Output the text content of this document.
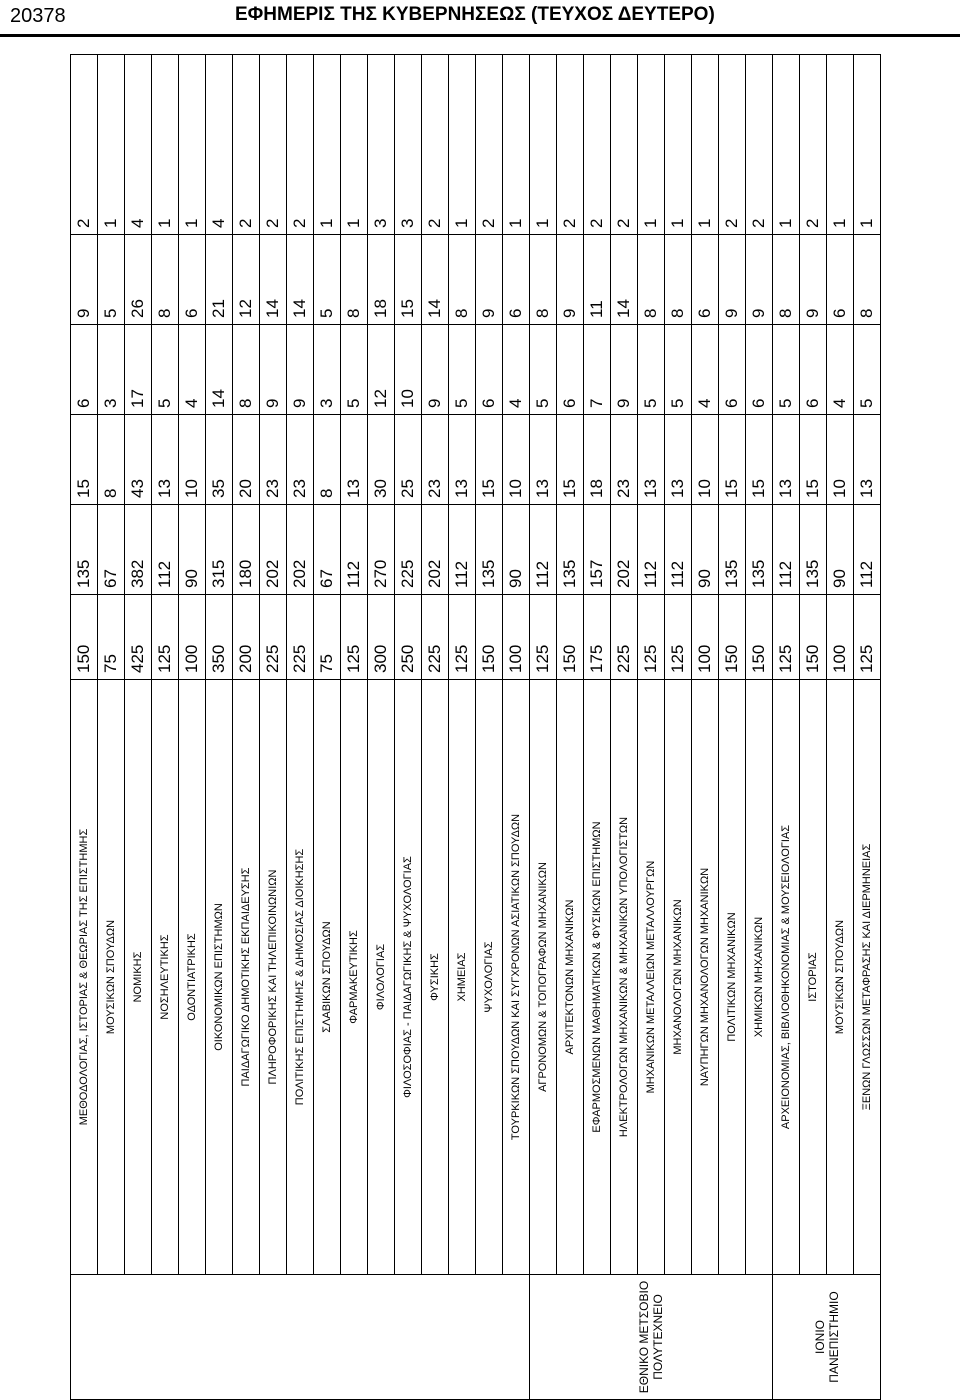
20378	ΕΦΗΜΕΡΙΣ ΤΗΣ ΚΥΒΕΡΝΗΣΕΩΣ (ΤΕΥΧΟΣ ΔΕΥΤΕΡΟ)
	ΜΕΘΟΔΟΛΟΓΙΑΣ, ΙΣΤΟΡΙΑΣ & ΘΕΩΡΙΑΣ ΤΗΣ ΕΠΙΣΤΗΜΗΣ	150	135	15	6	9	2
	ΜΟΥΣΙΚΩΝ ΣΠΟΥΔΩΝ	75	67	8	3	5	1
	ΝΟΜΙΚΗΣ	425	382	43	17	26	4
	ΝΟΣΗΛΕΥΤΙΚΗΣ	125	112	13	5	8	1
	ΟΔΟΝΤΙΑΤΡΙΚΗΣ	100	90	10	4	6	1
	ΟΙΚΟΝΟΜΙΚΩΝ ΕΠΙΣΤΗΜΩΝ	350	315	35	14	21	4
	ΠΑΙΔΑΓΩΓΙΚΟ ΔΗΜΟΤΙΚΗΣ ΕΚΠΑΙΔΕΥΣΗΣ	200	180	20	8	12	2
	ΠΛΗΡΟΦΟΡΙΚΗΣ ΚΑΙ ΤΗΛΕΠΙΚΟΙΝΩΝΙΩΝ	225	202	23	9	14	2
	ΠΟΛΙΤΙΚΗΣ ΕΠΙΣΤΗΜΗΣ & ΔΗΜΟΣΙΑΣ ΔΙΟΙΚΗΣΗΣ	225	202	23	9	14	2
	ΣΛΑΒΙΚΩΝ ΣΠΟΥΔΩΝ	75	67	8	3	5	1
	ΦΑΡΜΑΚΕΥΤΙΚΗΣ	125	112	13	5	8	1
	ΦΙΛΟΛΟΓΙΑΣ	300	270	30	12	18	3
	ΦΙΛΟΣΟΦΙΑΣ - ΠΑΙΔΑΓΩΓΙΚΗΣ & ΨΥΧΟΛΟΓΙΑΣ	250	225	25	10	15	3
	ΦΥΣΙΚΗΣ	225	202	23	9	14	2
	ΧΗΜΕΙΑΣ	125	112	13	5	8	1
	ΨΥΧΟΛΟΓΙΑΣ	150	135	15	6	9	2
	ΤΟΥΡΚΙΚΩΝ ΣΠΟΥΔΩΝ ΚΑΙ ΣΥΓΧΡΟΝΩΝ ΑΣΙΑΤΙΚΩΝ ΣΠΟΥΔΩΝ	100	90	10	4	6	1
ΕΘΝΙΚΟ ΜΕΤΣΟΒΙΟ ΠΟΛΥΤΕΧΝΕΙΟ	ΑΓΡΟΝΟΜΩΝ & ΤΟΠΟΓΡΑΦΩΝ ΜΗΧΑΝΙΚΩΝ	125	112	13	5	8	1
	ΑΡΧΙΤΕΚΤΟΝΩΝ ΜΗΧΑΝΙΚΩΝ	150	135	15	6	9	2
	ΕΦΑΡΜΟΣΜΕΝΩΝ ΜΑΘΗΜΑΤΙΚΩΝ & ΦΥΣΙΚΩΝ ΕΠΙΣΤΗΜΩΝ	175	157	18	7	11	2
	ΗΛΕΚΤΡΟΛΟΓΩΝ ΜΗΧΑΝΙΚΩΝ & ΜΗΧΑΝΙΚΩΝ ΥΠΟΛΟΓΙΣΤΩΝ	225	202	23	9	14	2
	ΜΗΧΑΝΙΚΩΝ ΜΕΤΑΛΛΕΙΩΝ ΜΕΤΑΛΛΟΥΡΓΩΝ	125	112	13	5	8	1
	ΜΗΧΑΝΟΛΟΓΩΝ ΜΗΧΑΝΙΚΩΝ	125	112	13	5	8	1
	ΝΑΥΠΗΓΩΝ ΜΗΧΑΝΟΛΟΓΩΝ ΜΗΧΑΝΙΚΩΝ	100	90	10	4	6	1
	ΠΟΛΙΤΙΚΩΝ ΜΗΧΑΝΙΚΩΝ	150	135	15	6	9	2
	ΧΗΜΙΚΩΝ ΜΗΧΑΝΙΚΩΝ	150	135	15	6	9	2
ΙΟΝΙΟ ΠΑΝΕΠΙΣΤΗΜΙΟ	ΑΡΧΕΙΟΝΟΜΙΑΣ, ΒΙΒΛΙΟΘΗΚΟΝΟΜΙΑΣ & ΜΟΥΣΕΙΟΛΟΓΙΑΣ	125	112	13	5	8	1
	ΙΣΤΟΡΙΑΣ	150	135	15	6	9	2
	ΜΟΥΣΙΚΩΝ ΣΠΟΥΔΩΝ	100	90	10	4	6	1
	ΞΕΝΩΝ ΓΛΩΣΣΩΝ ΜΕΤΑΦΡΑΣΗΣ ΚΑΙ ΔΙΕΡΜΗΝΕΙΑΣ	125	112	13	5	8	1
